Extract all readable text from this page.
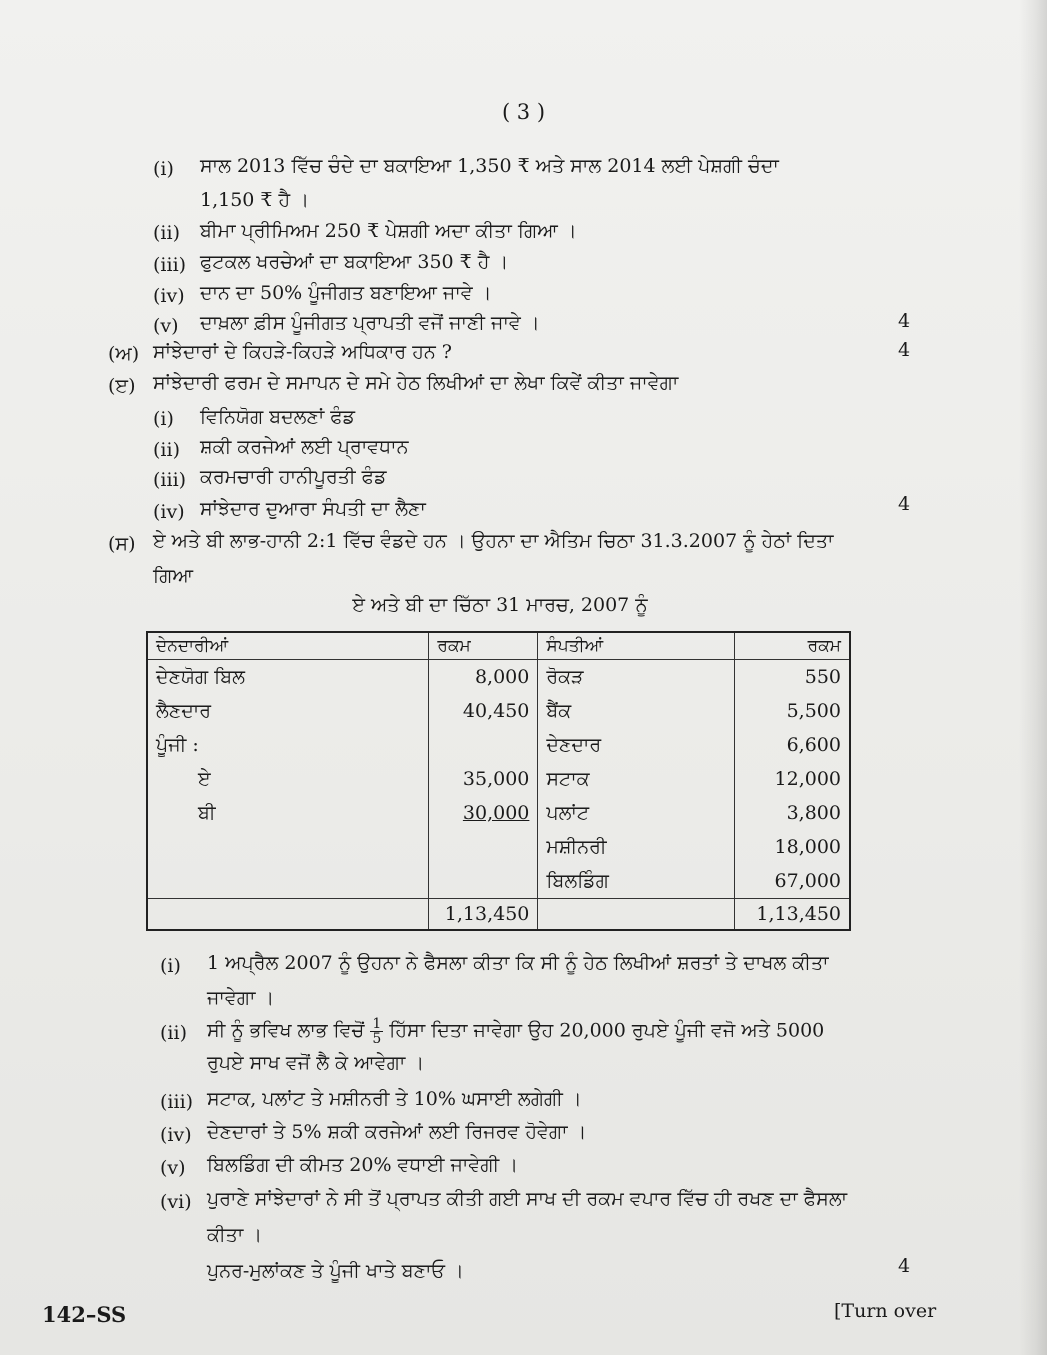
( 3 )
(i) ਸਾਲ 2013 ਵਿੱਚ ਚੰਦੇ ਦਾ ਬਕਾਇਆ 1,350 ₹ ਅਤੇ ਸਾਲ 2014 ਲਈ ਪੇਸ਼ਗੀ ਚੰਦਾ
1,150 ₹ ਹੈ ।
(ii) ਬੀਮਾ ਪ੍ਰੀਮਿਅਮ 250 ₹ ਪੇਸ਼ਗੀ ਅਦਾ ਕੀਤਾ ਗਿਆ ।
(iii) ਫੁਟਕਲ ਖਰਚੇਆਂ ਦਾ ਬਕਾਇਆ 350 ₹ ਹੈ ।
(iv) ਦਾਨ ਦਾ 50% ਪੂੰਜੀਗਤ ਬਣਾਇਆ ਜਾਵੇ ।
(v) ਦਾਖ਼ਲਾ ਫ਼ੀਸ ਪੂੰਜੀਗਤ ਪ੍ਰਾਪਤੀ ਵਜੋਂ ਜਾਣੀ ਜਾਵੇ ।	4
(ਅ) ਸਾਂਝੇਦਾਰਾਂ ਦੇ ਕਿਹੜੇ-ਕਿਹੜੇ ਅਧਿਕਾਰ ਹਨ ?	4
(ੲ) ਸਾਂਝੇਦਾਰੀ ਫਰਮ ਦੇ ਸਮਾਪਨ ਦੇ ਸਮੇ ਹੇਠ ਲਿਖੀਆਂ ਦਾ ਲੇਖਾ ਕਿਵੇਂ ਕੀਤਾ ਜਾਵੇਗਾ
(i) ਵਿਨਿਯੋਗ ਬਦਲਣਾਂ ਫੰਡ
(ii) ਸ਼ਕੀ ਕਰਜੇਆਂ ਲਈ ਪ੍ਰਾਵਧਾਨ
(iii) ਕਰਮਚਾਰੀ ਹਾਨੀਪੂਰਤੀ ਫੰਡ
(iv) ਸਾਂਝੇਦਾਰ ਦੁਆਰਾ ਸੰਪਤੀ ਦਾ ਲੈਣਾ	4
(ਸ) ਏ ਅਤੇ ਬੀ ਲਾਭ-ਹਾਨੀ 2:1 ਵਿੱਚ ਵੰਡਦੇ ਹਨ । ਉਹਨਾ ਦਾ ਐਤਿਮ ਚਿਠਾ 31.3.2007 ਨੂੰ ਹੇਠਾਂ ਦਿਤਾ
ਗਿਆ
ਏ ਅਤੇ ਬੀ ਦਾ ਚਿੱਠਾ 31 ਮਾਰਚ, 2007 ਨੂੰ
ਦੇਨਦਾਰੀਆਂ	ਰਕਮ	ਸੰਪਤੀਆਂ	ਰਕਮ
ਦੇਣਯੋਗ ਬਿਲ	8,000	ਰੋਕੜ	550
ਲੈਣਦਾਰ	40,450	ਬੈਂਕ	5,500
ਪੂੰਜੀ :		ਦੇਣਦਾਰ	6,600
ਏ	35,000	ਸਟਾਕ	12,000
ਬੀ	30,000	ਪਲਾਂਟ	3,800
		ਮਸ਼ੀਨਰੀ	18,000
		ਬਿਲਡਿੰਗ	67,000
	1,13,450		1,13,450
(i) 1 ਅਪ੍ਰੈਲ 2007 ਨੂੰ ਉਹਨਾ ਨੇ ਫੈਸਲਾ ਕੀਤਾ ਕਿ ਸੀ ਨੂੰ ਹੇਠ ਲਿਖੀਆਂ ਸ਼ਰਤਾਂ ਤੇ ਦਾਖਲ ਕੀਤਾ
ਜਾਵੇਗਾ ।
(ii) ਸੀ ਨੂੰ ਭਵਿਖ ਲਾਭ ਵਿਚੋਂ $\frac{1}{5}$ ਹਿੱਸਾ ਦਿਤਾ ਜਾਵੇਗਾ ਉਹ 20,000 ਰੁਪਏ ਪੂੰਜੀ ਵਜੋ ਅਤੇ 5000
ਰੁਪਏ ਸਾਖ ਵਜੋਂ ਲੈ ਕੇ ਆਵੇਗਾ ।
(iii) ਸਟਾਕ, ਪਲਾਂਟ ਤੇ ਮਸ਼ੀਨਰੀ ਤੇ 10% ਘਸਾਈ ਲਗੇਗੀ ।
(iv) ਦੇਣਦਾਰਾਂ ਤੇ 5% ਸ਼ਕੀ ਕਰਜੇਆਂ ਲਈ ਰਿਜਰਵ ਹੋਵੇਗਾ ।
(v) ਬਿਲਡਿੰਗ ਦੀ ਕੀਮਤ 20% ਵਧਾਈ ਜਾਵੇਗੀ ।
(vi) ਪੁਰਾਣੇ ਸਾਂਝੇਦਾਰਾਂ ਨੇ ਸੀ ਤੋਂ ਪ੍ਰਾਪਤ ਕੀਤੀ ਗਈ ਸਾਖ ਦੀ ਰਕਮ ਵਪਾਰ ਵਿੱਚ ਹੀ ਰਖਣ ਦਾ ਫੈਸਲਾ
ਕੀਤਾ ।
ਪੁਨਰ-ਮੁਲਾਂਕਣ ਤੇ ਪੂੰਜੀ ਖਾਤੇ ਬਣਾਓ ।	4
142–SS	[Turn over
